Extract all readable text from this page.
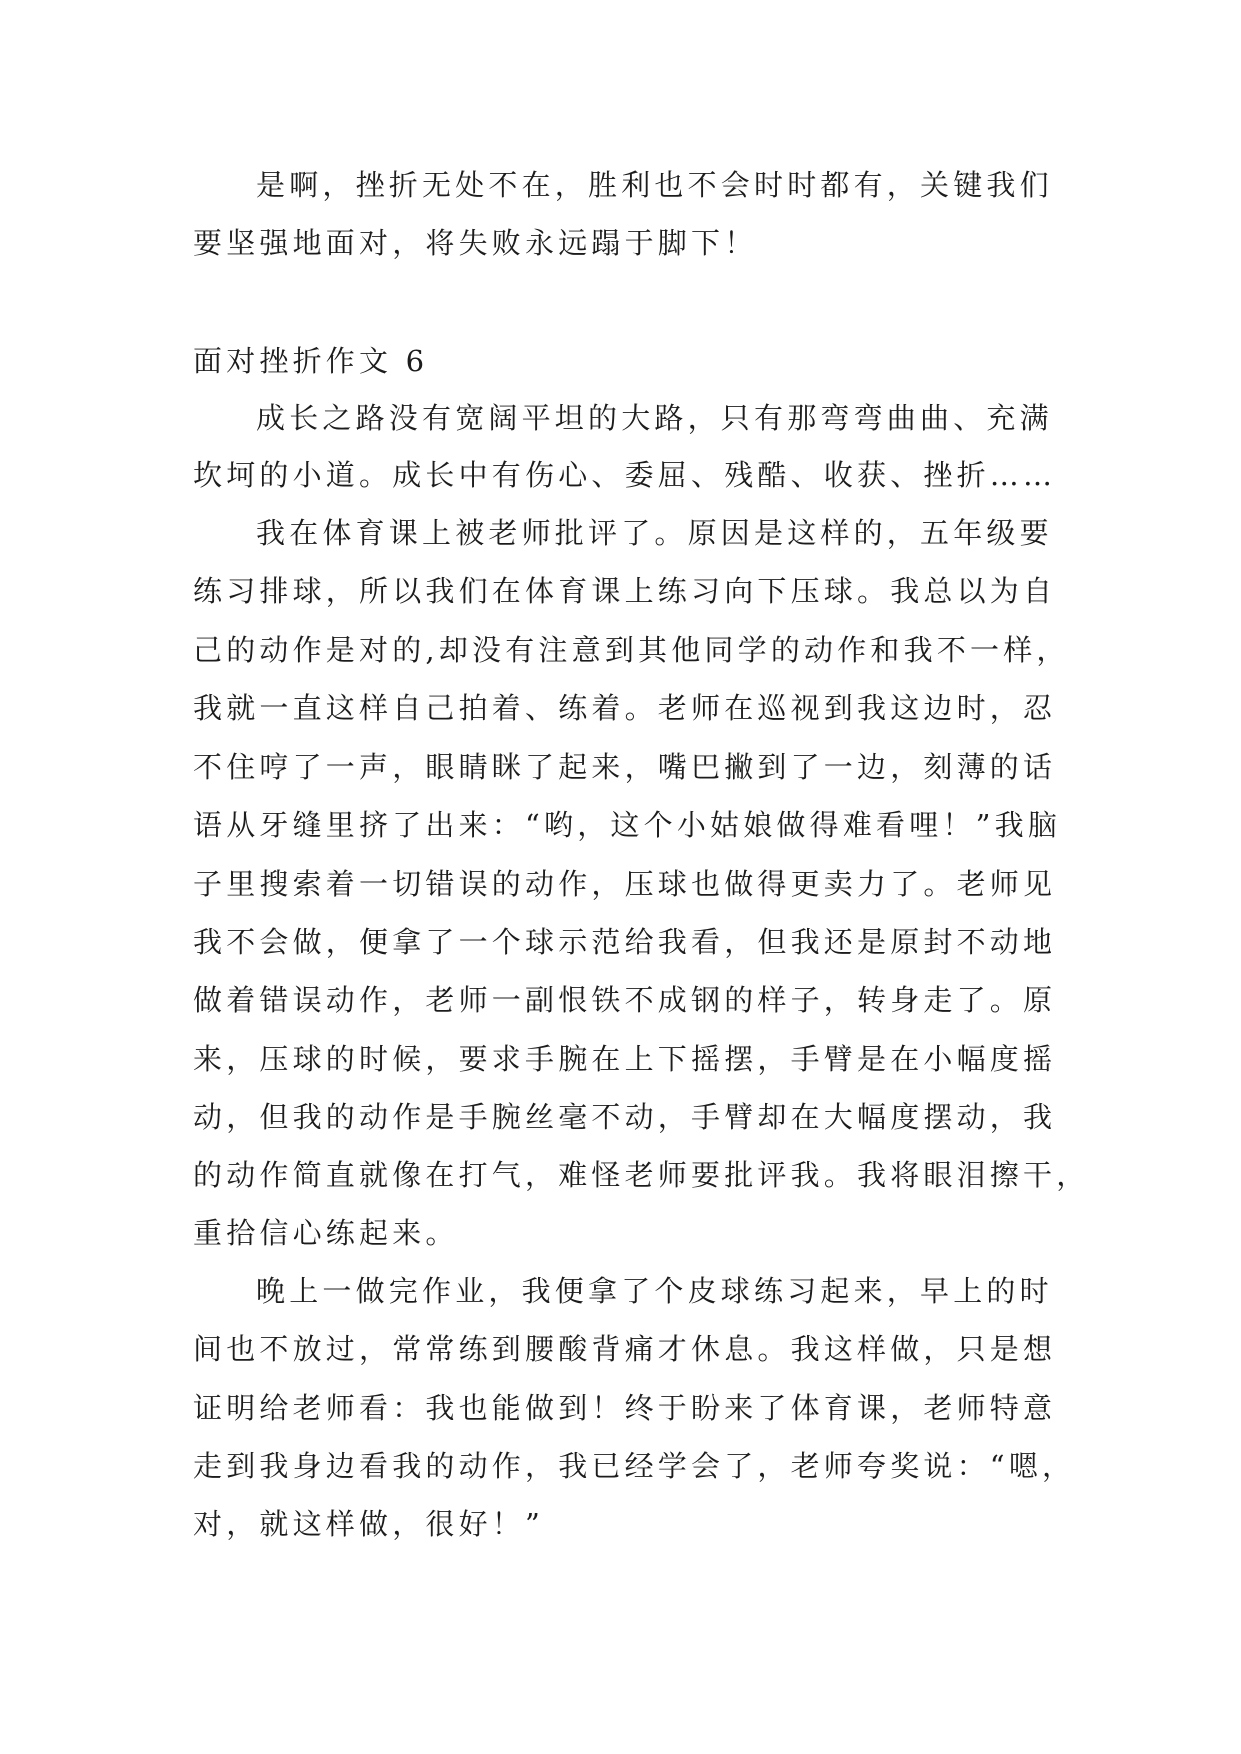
是啊，挫折无处不在，胜利也不会时时都有，关键我们
要坚强地面对，将失败永远蹋于脚下！
面对挫折作文 6
成长之路没有宽阔平坦的大路，只有那弯弯曲曲、充满
坎坷的小道。成长中有伤心、委屈、残酷、收获、挫折……
我在体育课上被老师批评了。原因是这样的，五年级要
练习排球，所以我们在体育课上练习向下压球。我总以为自
己的动作是对的,却没有注意到其他同学的动作和我不一样，
我就一直这样自己拍着、练着。老师在巡视到我这边时，忍
不住哼了一声，眼睛眯了起来，嘴巴撇到了一边，刻薄的话
语从牙缝里挤了出来：“哟，这个小姑娘做得难看哩！”我脑
子里搜索着一切错误的动作，压球也做得更卖力了。老师见
我不会做，便拿了一个球示范给我看，但我还是原封不动地
做着错误动作，老师一副恨铁不成钢的样子，转身走了。原
来，压球的时候，要求手腕在上下摇摆，手臂是在小幅度摇
动，但我的动作是手腕丝毫不动，手臂却在大幅度摆动，我
的动作简直就像在打气，难怪老师要批评我。我将眼泪擦干，
重拾信心练起来。
晚上一做完作业，我便拿了个皮球练习起来，早上的时
间也不放过，常常练到腰酸背痛才休息。我这样做，只是想
证明给老师看：我也能做到！终于盼来了体育课，老师特意
走到我身边看我的动作，我已经学会了，老师夸奖说：“嗯，
对，就这样做，很好！”
